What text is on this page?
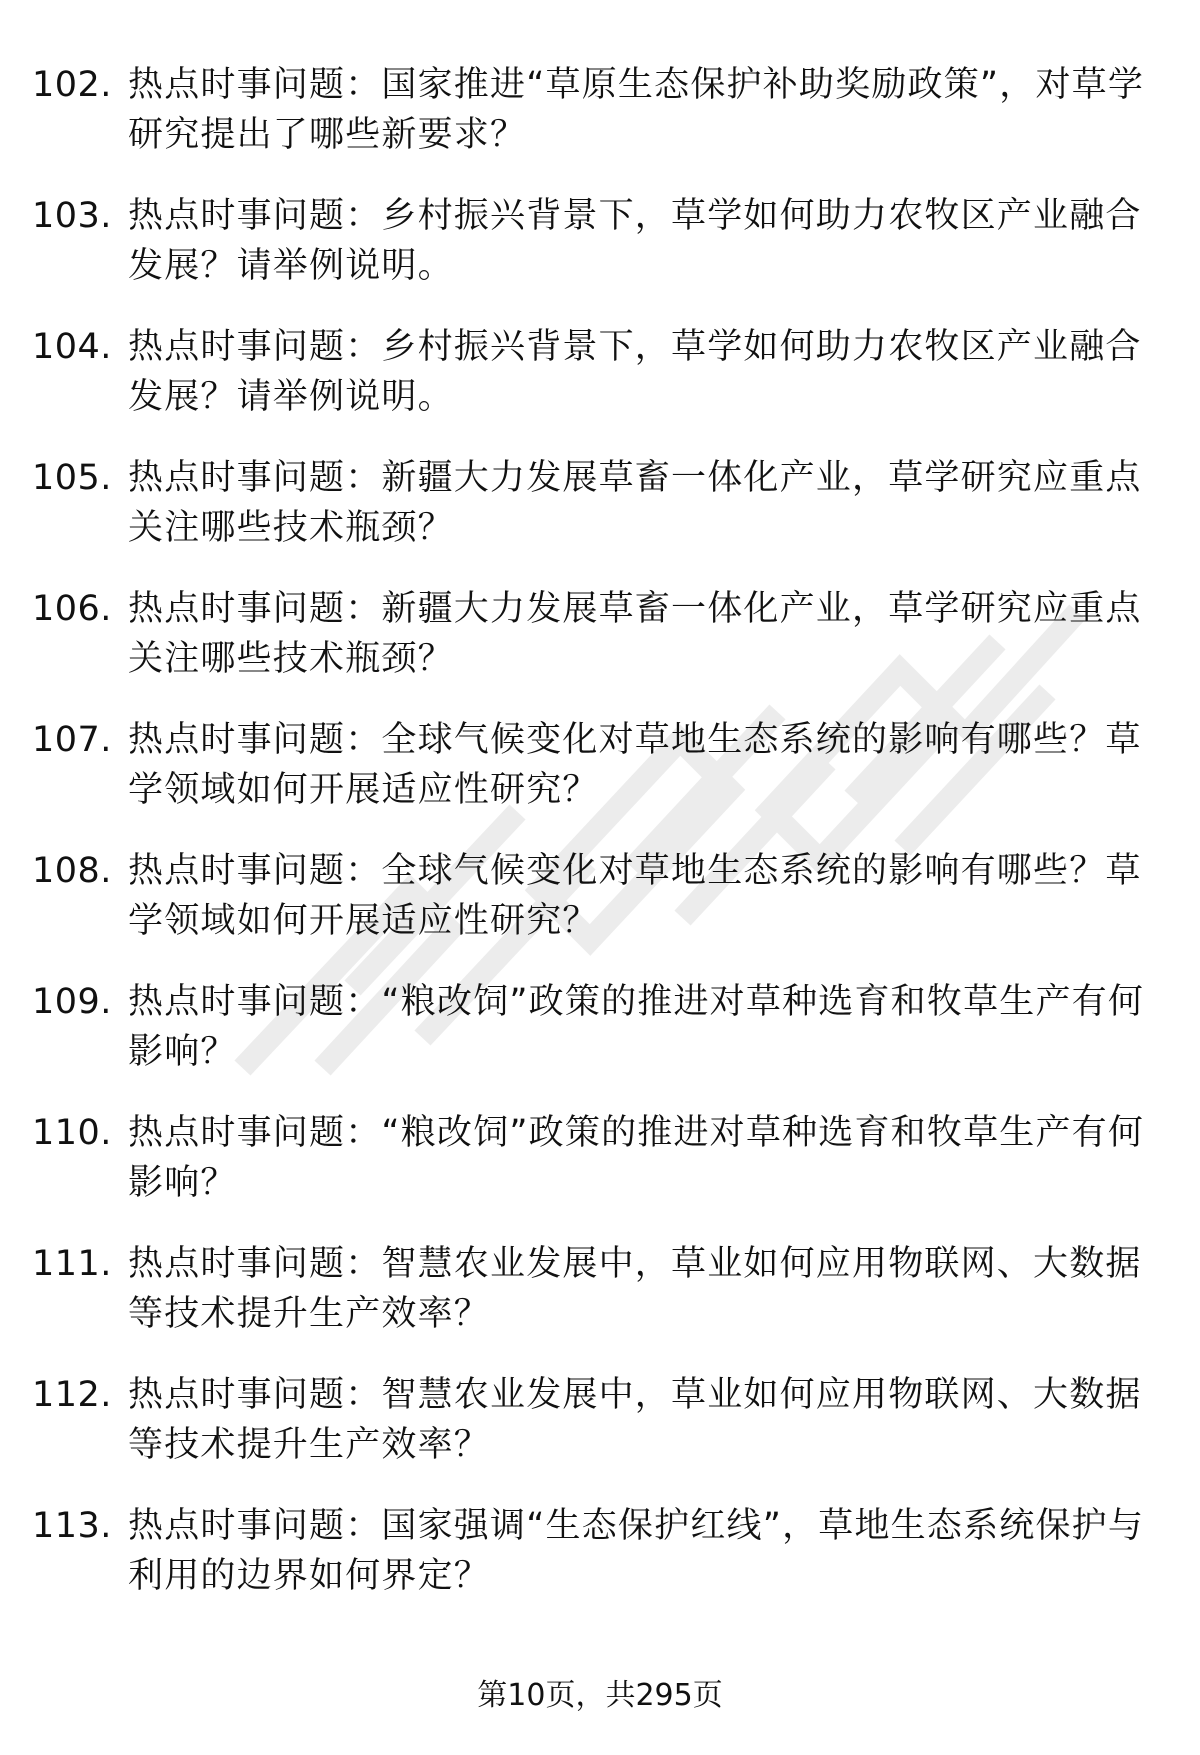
102. 热点时事问题：国家推进“草原生态保护补助奖励政策”，对草学研究提出了哪些新要求？
103. 热点时事问题：乡村振兴背景下，草学如何助力农牧区产业融合发展？请举例说明。
104. 热点时事问题：乡村振兴背景下，草学如何助力农牧区产业融合发展？请举例说明。
105. 热点时事问题：新疆大力发展草畜一体化产业，草学研究应重点关注哪些技术瓶颈？
106. 热点时事问题：新疆大力发展草畜一体化产业，草学研究应重点关注哪些技术瓶颈？
107. 热点时事问题：全球气候变化对草地生态系统的影响有哪些？草学领域如何开展适应性研究？
108. 热点时事问题：全球气候变化对草地生态系统的影响有哪些？草学领域如何开展适应性研究？
109. 热点时事问题：“粮改饲”政策的推进对草种选育和牧草生产有何影响？
110. 热点时事问题：“粮改饲”政策的推进对草种选育和牧草生产有何影响？
111. 热点时事问题：智慧农业发展中，草业如何应用物联网、大数据等技术提升生产效率？
112. 热点时事问题：智慧农业发展中，草业如何应用物联网、大数据等技术提升生产效率？
113. 热点时事问题：国家强调“生态保护红线”，草地生态系统保护与利用的边界如何界定？
第10页，共295页
